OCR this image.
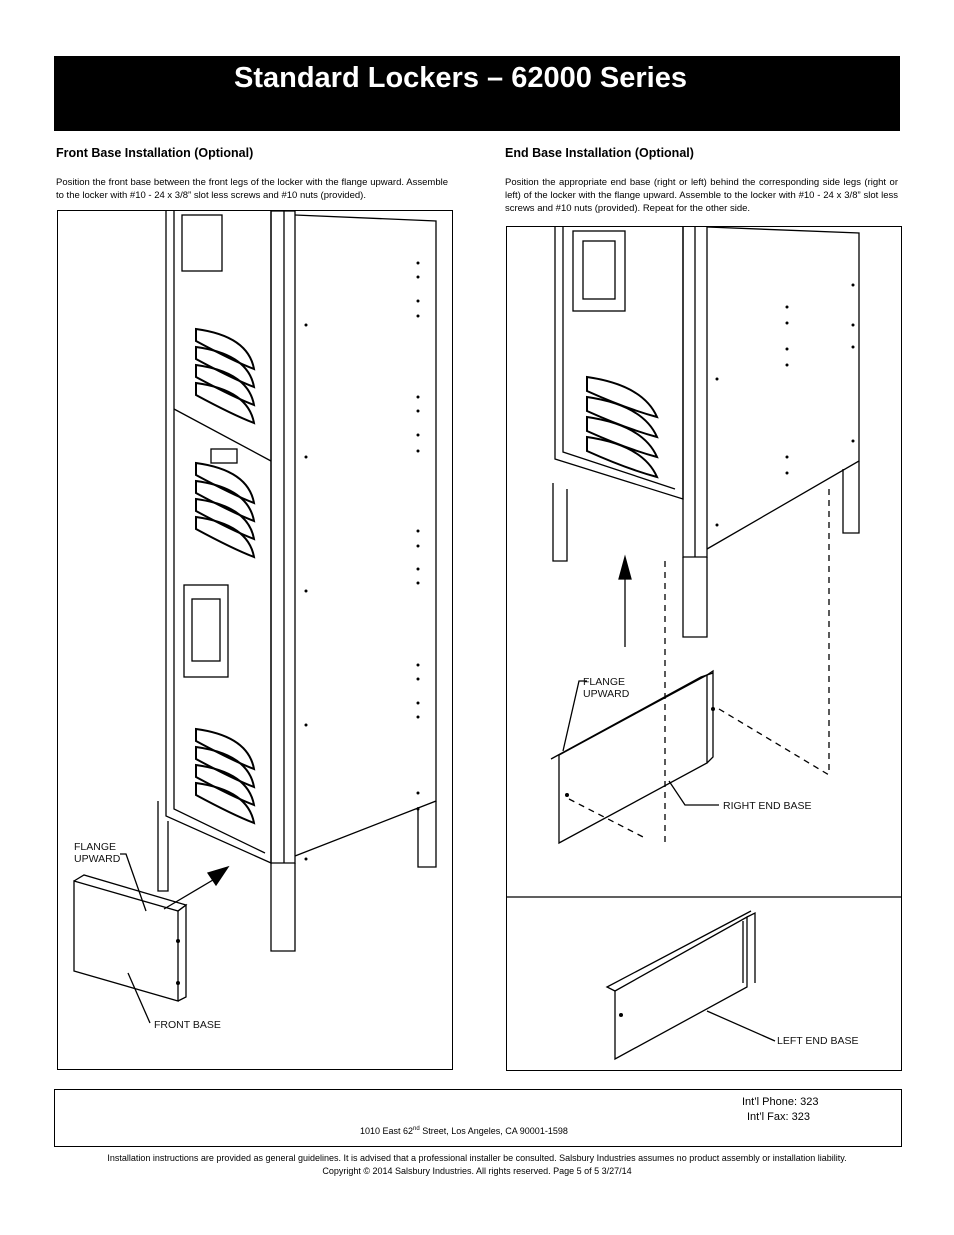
Standard Lockers – 62000 Series
Front Base Installation (Optional)
Position the front base between the front legs of the locker with the flange upward. Assemble to the locker with #10 - 24 x 3/8” slot less screws and #10 nuts (provided).
FLANGE
UPWARD
FRONT BASE
End Base Installation (Optional)
Position the appropriate end base (right or left) behind the corresponding side legs (right or left) of the locker with the flange upward. Assemble to the locker with #10 - 24 x 3/8” slot less screws and #10 nuts (provided). Repeat for the other side.
FLANGE
UPWARD
RIGHT END BASE
LEFT END BASE
Int’l Phone: 323
Int’l Fax: 323
1010 East 62nd Street, Los Angeles, CA 90001-1598
Installation instructions are provided as general guidelines. It is advised that a professional installer be consulted. Salsbury Industries assumes no product assembly or installation liability.
Copyright © 2014 Salsbury Industries. All rights reserved. Page 5 of 5 3/27/14
